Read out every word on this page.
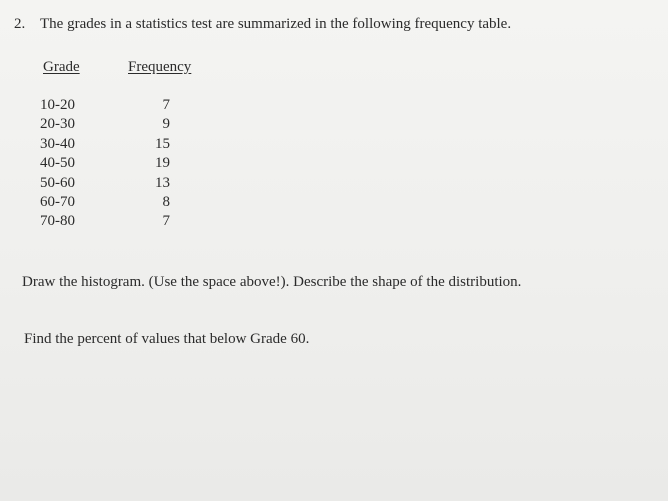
2. The grades in a statistics test are summarized in the following frequency table.
Grade	Frequency
10-20	7
20-30	9
30-40	15
40-50	19
50-60	13
60-70	8
70-80	7
Draw the histogram. (Use the space above!). Describe the shape of the distribution.
Find the percent of values that below Grade 60.
